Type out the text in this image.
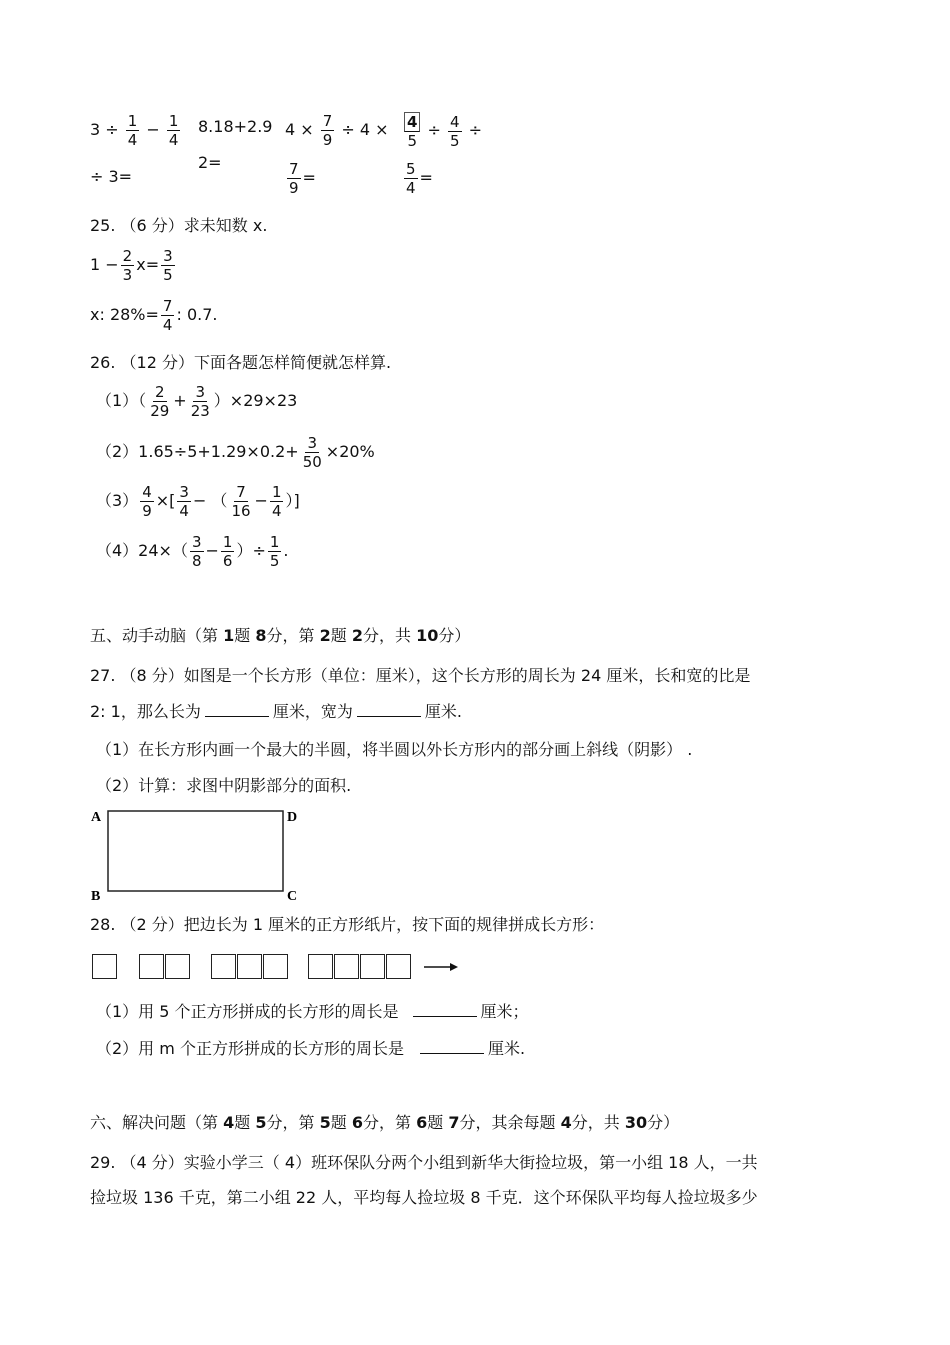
$3 \div \frac{1}{4} - \frac{1}{4}$
÷ 3=
8.18+2.9
2=
$4 \times \frac{7}{9} \div 4$ ×
$\frac{7}{9}$ =
$\frac{4}{5} \div \frac{4}{5}$ ÷
$\frac{5}{4}$ =
25. （6 分）求未知数 x.
$1 - \frac{2}{3} x= \frac{3}{5}$
x: $28\%= \frac{7}{4}$ : 0.7.
26. （12 分）下面各题怎样简便就怎样算.
$(1)( \frac{2}{29} + \frac{3}{23} )\times 29\times 23$
$(2)1.65\div 5+1.29\times 0.2+ \frac{3}{50} \times 20\%$
$(3) \frac{4}{9}$ ×[ $\frac{3}{4}$ − （ $\frac{7}{16} - \frac{1}{4}$ ）]
$(4)24\times( \frac{3}{8} - \frac{1}{6}$ ）÷ $\frac{1}{5}$ .
五、动手动脑（第 1题 8分，第 2题 2分，共 10分）
27. （8 分）如图是一个长方形（单位：厘米），这个长方形的周长为 24 厘米，长和宽的比是
2: 1，那么长为	厘米，宽为	厘米.
（1）在长方形内画一个最大的半圆，将半圆以外长方形内的部分画上斜线（阴影） .
（2）计算：求图中阴影部分的面积.
A	D
B	C
28. （2 分）把边长为 1 厘米的正方形纸片，按下面的规律拼成长方形：
（1）用 5 个正方形拼成的长方形的周长是	厘米；
（2）用 m 个正方形拼成的长方形的周长是	厘米.
六、解决问题（第 4题 5分，第 5题 6分，第 6题 7分，其余每题 4分，共 30分）
29. （4 分）实验小学三（ 4）班环保队分两个小组到新华大街捡垃圾，第一小组 18 人，一共
捡垃圾 136 千克，第二小组 22 人，平均每人捡垃圾 8 千克．这个环保队平均每人捡垃圾多少
